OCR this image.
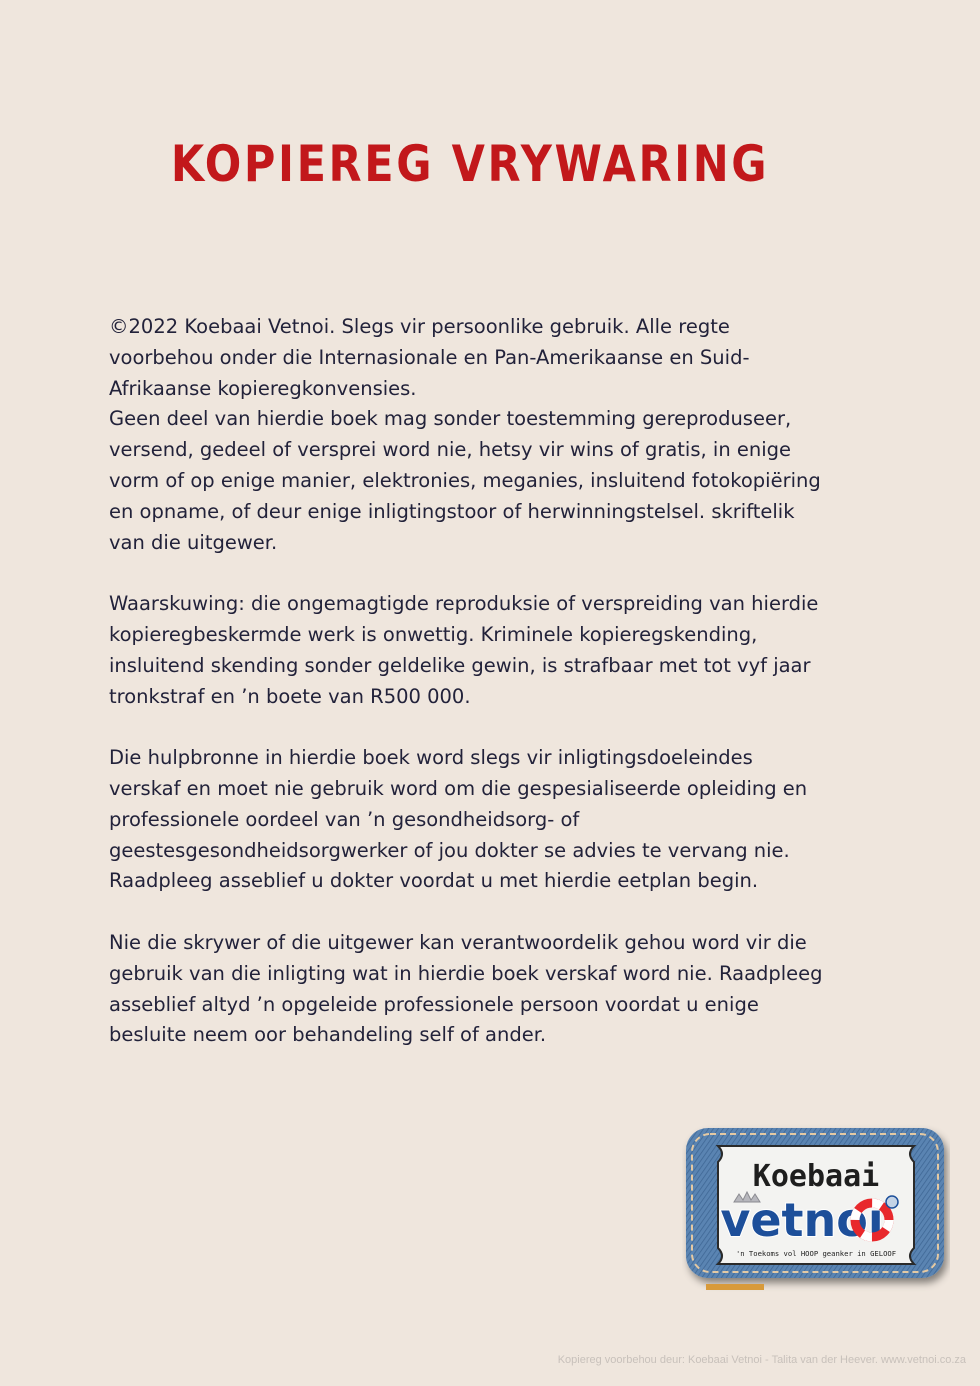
KOPIEREG VRYWARING

©2022 Koebaai Vetnoi. Slegs vir persoonlike gebruik. Alle regte
voorbehou onder die Internasionale en Pan-Amerikaanse en Suid-
Afrikaanse kopieregkonvensies.
Geen deel van hierdie boek mag sonder toestemming gereproduseer,
versend, gedeel of versprei word nie, hetsy vir wins of gratis, in enige
vorm of op enige manier, elektronies, meganies, insluitend fotokopiëring
en opname, of deur enige inligtingstoor of herwinningstelsel. skriftelik
van die uitgewer.

Waarskuwing: die ongemagtigde reproduksie of verspreiding van hierdie
kopieregbeskermde werk is onwettig. Kriminele kopieregskending,
insluitend skending sonder geldelike gewin, is strafbaar met tot vyf jaar
tronkstraf en ’n boete van R500 000.

Die hulpbronne in hierdie boek word slegs vir inligtingsdoeleindes
verskaf en moet nie gebruik word om die gespesialiseerde opleiding en
professionele oordeel van ’n gesondheidsorg- of
geestesgesondheidsorgwerker of jou dokter se advies te vervang nie.
Raadpleeg asseblief u dokter voordat u met hierdie eetplan begin.

Nie die skrywer of die uitgewer kan verantwoordelik gehou word vir die
gebruik van die inligting wat in hierdie boek verskaf word nie. Raadpleeg
asseblief altyd ’n opgeleide professionele persoon voordat u enige
besluite neem oor behandeling self of ander.

Koebaai
vetnoi
'n Toekoms vol HOOP geanker in GELOOF
Kopiereg voorbehou deur: Koebaai Vetnoi - Talita van der Heever. www.vetnoi.co.za
